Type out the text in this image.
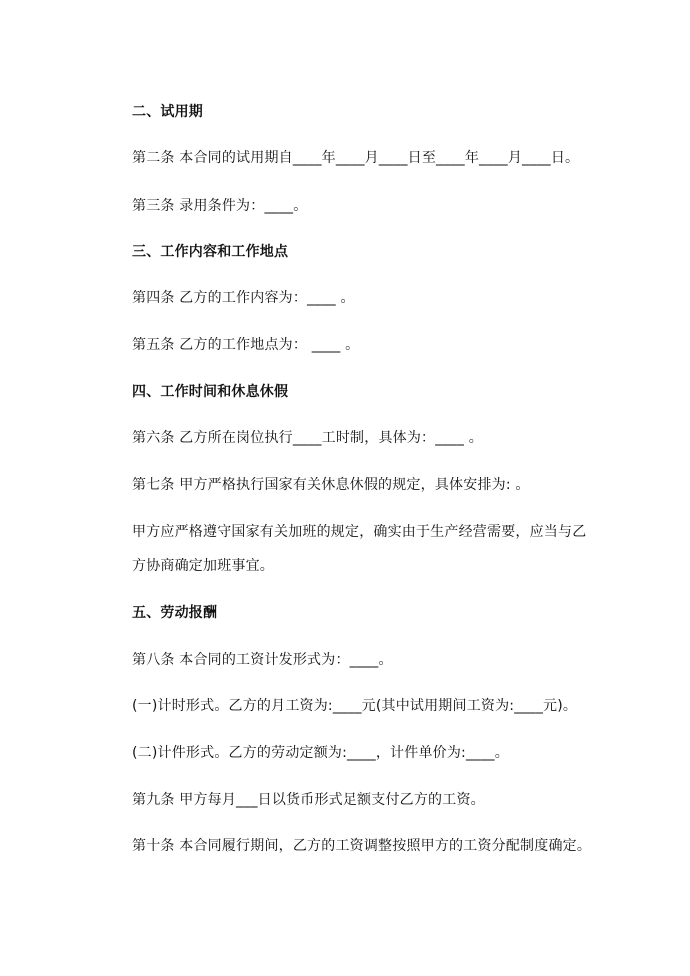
二、试用期
第二条 本合同的试用期自____年____月____日至____年____月____日。
第三条 录用条件为：____。
三、工作内容和工作地点
第四条 乙方的工作内容为：____ 。
第五条 乙方的工作地点为： ____ 。
四、工作时间和休息休假
第六条 乙方所在岗位执行____工时制，具体为：____ 。
第七条 甲方严格执行国家有关休息休假的规定，具体安排为: 。
甲方应严格遵守国家有关加班的规定，确实由于生产经营需要，应当与乙
方协商确定加班事宜。
五、劳动报酬
第八条 本合同的工资计发形式为：____。
(一)计时形式。乙方的月工资为:____元(其中试用期间工资为:____元)。
(二)计件形式。乙方的劳动定额为:____，计件单价为:____。
第九条 甲方每月___日以货币形式足额支付乙方的工资。
第十条 本合同履行期间，乙方的工资调整按照甲方的工资分配制度确定。
